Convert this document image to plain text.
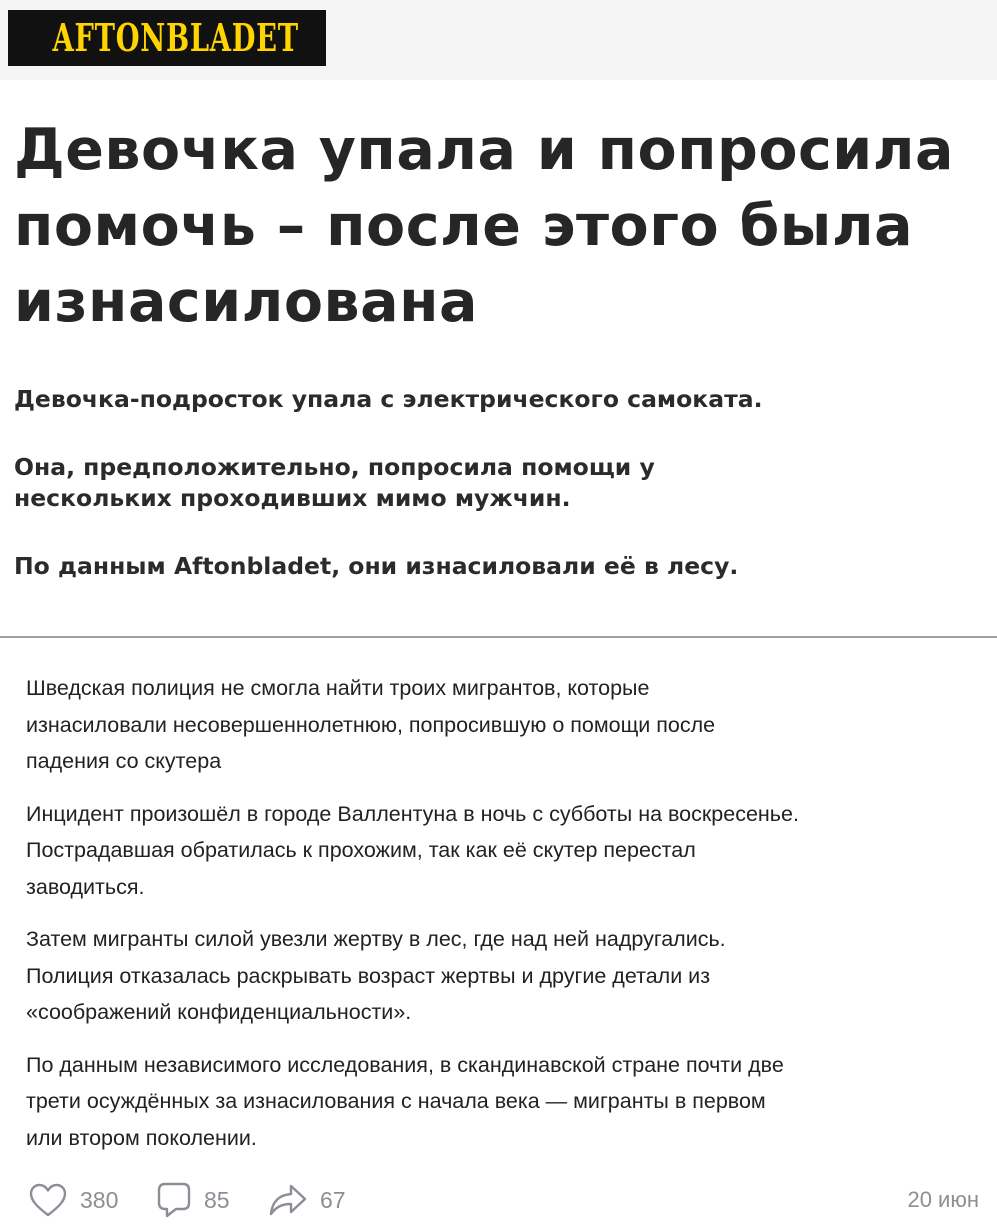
AFTONBLADET
Девочка упала и попросила
помочь – после этого была
изнасилована
Девочка-подросток упала с электрического самоката.
Она, предположительно, попросила помощи у
нескольких проходивших мимо мужчин.
По данным Aftonbladet, они изнасиловали её в лесу.

Шведская полиция не смогла найти троих мигрантов, которые
изнасиловали несовершеннолетнюю, попросившую о помощи после
падения со скутера

Инцидент произошёл в городе Валлентуна в ночь с субботы на воскресенье.
Пострадавшая обратилась к прохожим, так как её скутер перестал
заводиться.

Затем мигранты силой увезли жертву в лес, где над ней надругались.
Полиция отказалась раскрывать возраст жертвы и другие детали из
«соображений конфиденциальности».

По данным независимого исследования, в скандинавской стране почти две
трети осуждённых за изнасилования с начала века — мигранты в первом
или втором поколении.

380	85	67	20 июн
